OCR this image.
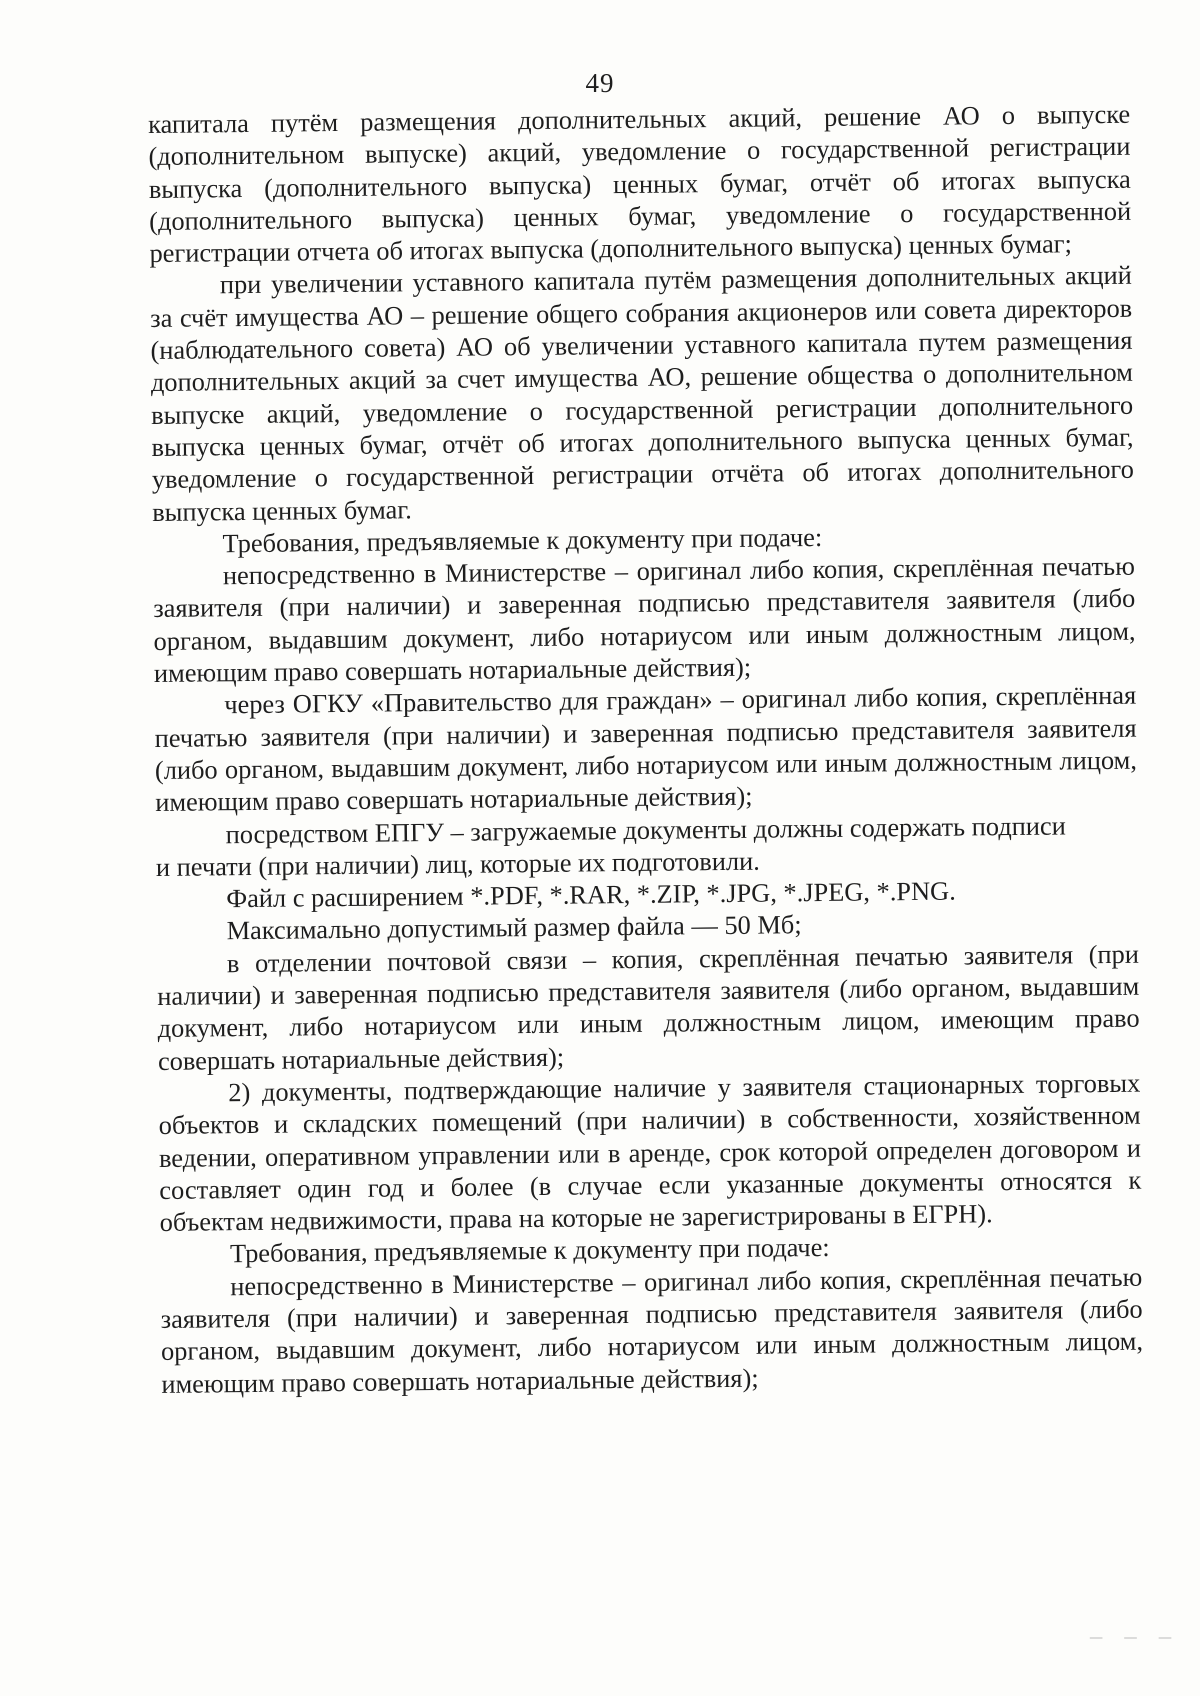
49

капитала путём размещения дополнительных акций, решение АО о выпуске (дополнительном выпуске) акций, уведомление о государственной регистрации выпуска (дополнительного выпуска) ценных бумаг, отчёт об итогах выпуска (дополнительного выпуска) ценных бумаг, уведомление о государственной регистрации отчета об итогах выпуска (дополнительного выпуска) ценных бумаг;

при увеличении уставного капитала путём размещения дополнительных акций за счёт имущества АО – решение общего собрания акционеров или совета директоров (наблюдательного совета) АО об увеличении уставного капитала путем размещения дополнительных акций за счет имущества АО, решение общества о дополнительном выпуске акций, уведомление о государственной регистрации дополнительного выпуска ценных бумаг, отчёт об итогах дополнительного выпуска ценных бумаг, уведомление о государственной регистрации отчёта об итогах дополнительного выпуска ценных бумаг.

Требования, предъявляемые к документу при подаче:

непосредственно в Министерстве – оригинал либо копия, скреплённая печатью заявителя (при наличии) и заверенная подписью представителя заявителя (либо органом, выдавшим документ, либо нотариусом или иным должностным лицом, имеющим право совершать нотариальные действия);

через ОГКУ «Правительство для граждан» – оригинал либо копия, скреплённая печатью заявителя (при наличии) и заверенная подписью представителя заявителя (либо органом, выдавшим документ, либо нотариусом или иным должностным лицом, имеющим право совершать нотариальные действия);

посредством ЕПГУ – загружаемые документы должны содержать подписи

и печати (при наличии) лиц, которые их подготовили.

Файл с расширением *.PDF, *.RAR, *.ZIP, *.JPG, *.JPEG, *.PNG.

Максимально допустимый размер файла — 50 Мб;

в отделении почтовой связи – копия, скреплённая печатью заявителя (при наличии) и заверенная подписью представителя заявителя (либо органом, выдавшим документ, либо нотариусом или иным должностным лицом, имеющим право совершать нотариальные действия);

2) документы, подтверждающие наличие у заявителя стационарных торговых объектов и складских помещений (при наличии) в собственности, хозяйственном ведении, оперативном управлении или в аренде, срок которой определен договором и составляет один год и более (в случае если указанные документы относятся к объектам недвижимости, права на которые не зарегистрированы в ЕГРН).

Требования, предъявляемые к документу при подаче:

непосредственно в Министерстве – оригинал либо копия, скреплённая печатью заявителя (при наличии) и заверенная подписью представителя заявителя (либо органом, выдавшим документ, либо нотариусом или иным должностным лицом, имеющим право совершать нотариальные действия);

— — —
